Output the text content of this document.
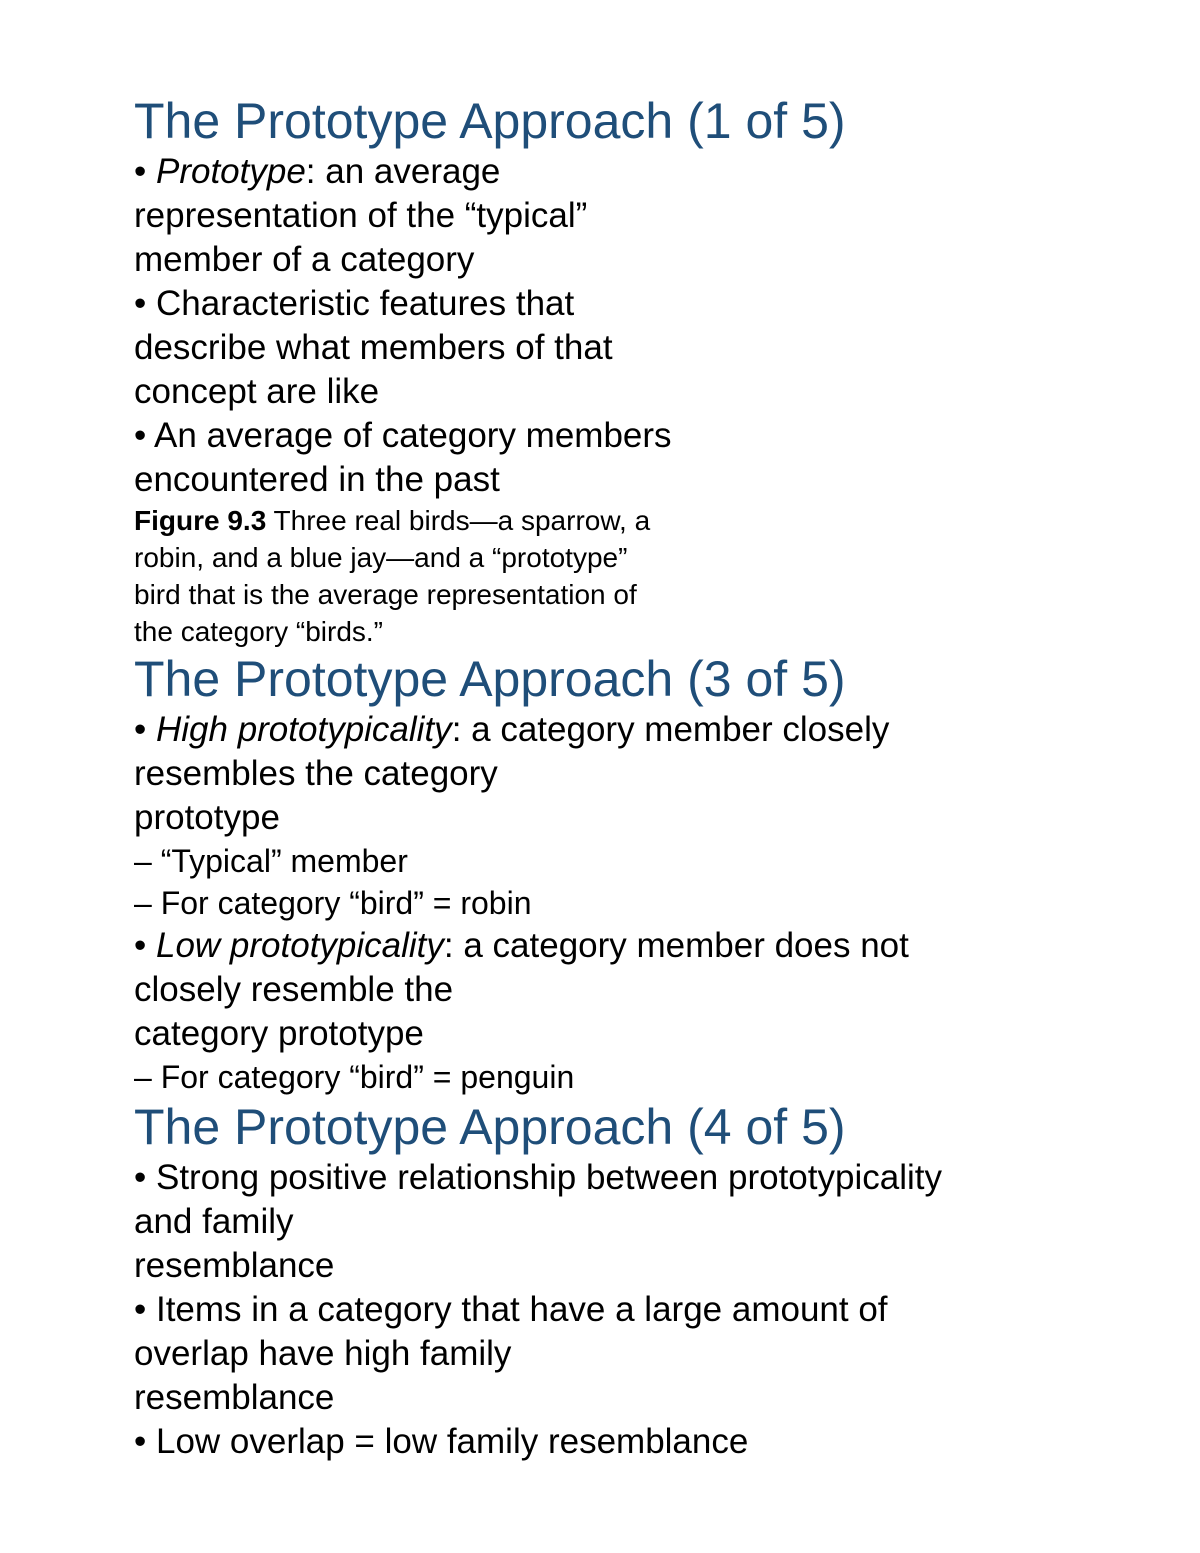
The Prototype Approach (1 of 5)

• Prototype: an average

representation of the “typical”

member of a category

• Characteristic features that

describe what members of that

concept are like

• An average of category members

encountered in the past

Figure 9.3 Three real birds—a sparrow, a

robin, and a blue jay—and a “prototype”

bird that is the average representation of

the category “birds.”

The Prototype Approach (3 of 5)

• High prototypicality: a category member closely

resembles the category

prototype

– “Typical” member

– For category “bird” = robin

• Low prototypicality: a category member does not

closely resemble the

category prototype

– For category “bird” = penguin

The Prototype Approach (4 of 5)

• Strong positive relationship between prototypicality

and family

resemblance

• Items in a category that have a large amount of

overlap have high family

resemblance

• Low overlap = low family resemblance
